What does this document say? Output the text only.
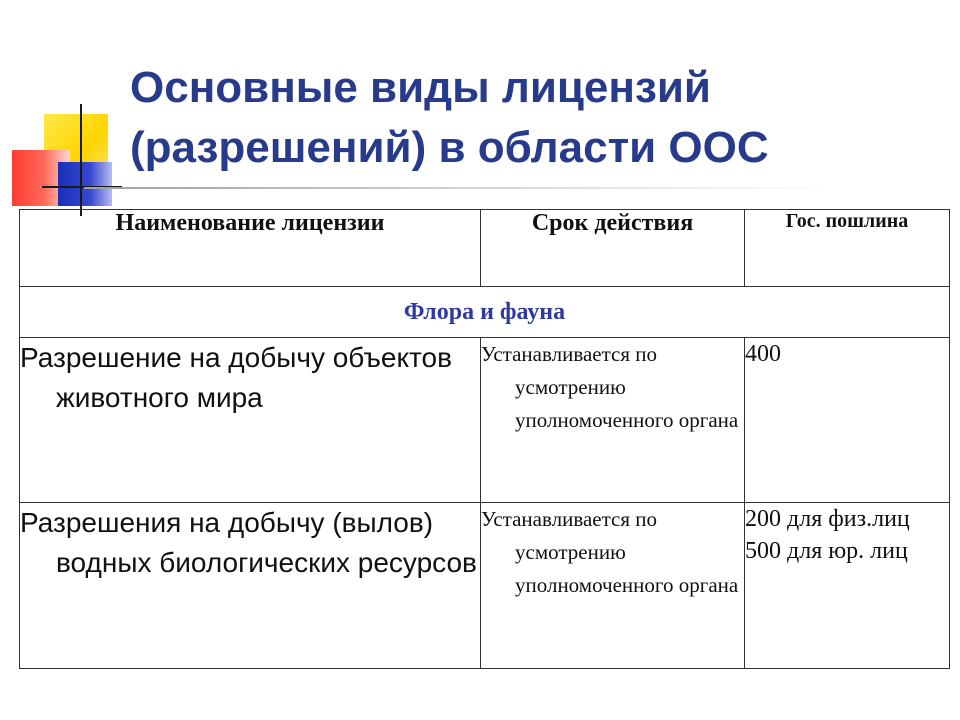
Основные виды лицензий
(разрешений) в области ООС
Наименование лицензии	Срок действия	Гос. пошлина

Флора и фауна		

Разрешение на добычу объектов животного мира	Устанавливается по усмотрению уполномоченного органа	400

Разрешения на добычу (вылов) водных биологических ресурсов	Устанавливается по усмотрению уполномоченного органа	200 для физ.лиц
500 для юр. лиц
